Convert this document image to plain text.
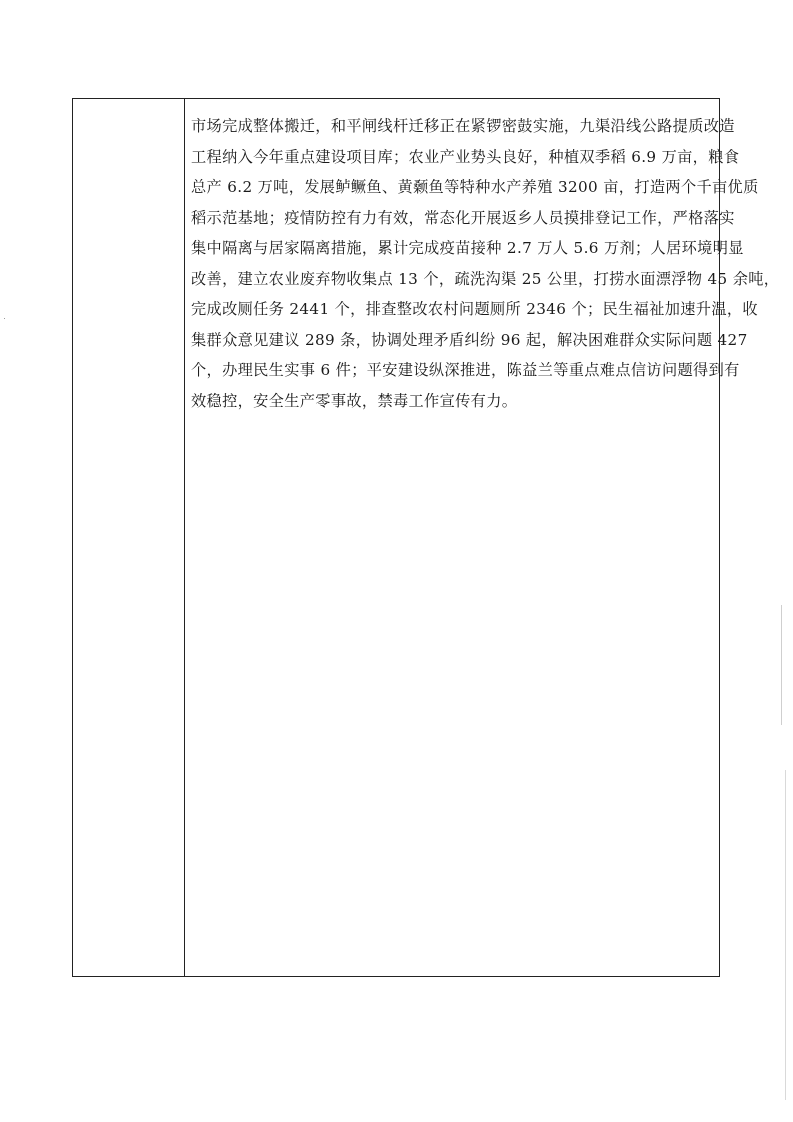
市场完成整体搬迁，和平闸线杆迁移正在紧锣密鼓实施，九渠沿线公路提质改造
工程纳入今年重点建设项目库；农业产业势头良好，种植双季稻 6.9 万亩，粮食
总产 6.2 万吨，发展鲈鳜鱼、黄颡鱼等特种水产养殖 3200 亩，打造两个千亩优质
稻示范基地；疫情防控有力有效，常态化开展返乡人员摸排登记工作，严格落实
集中隔离与居家隔离措施，累计完成疫苗接种 2.7 万人 5.6 万剂；人居环境明显
改善，建立农业废弃物收集点 13 个，疏洗沟渠 25 公里，打捞水面漂浮物 45 余吨，
完成改厕任务 2441 个，排查整改农村问题厕所 2346 个；民生福祉加速升温，收
集群众意见建议 289 条，协调处理矛盾纠纷 96 起，解决困难群众实际问题 427
个，办理民生实事 6 件；平安建设纵深推进，陈益兰等重点难点信访问题得到有
效稳控，安全生产零事故，禁毒工作宣传有力。
